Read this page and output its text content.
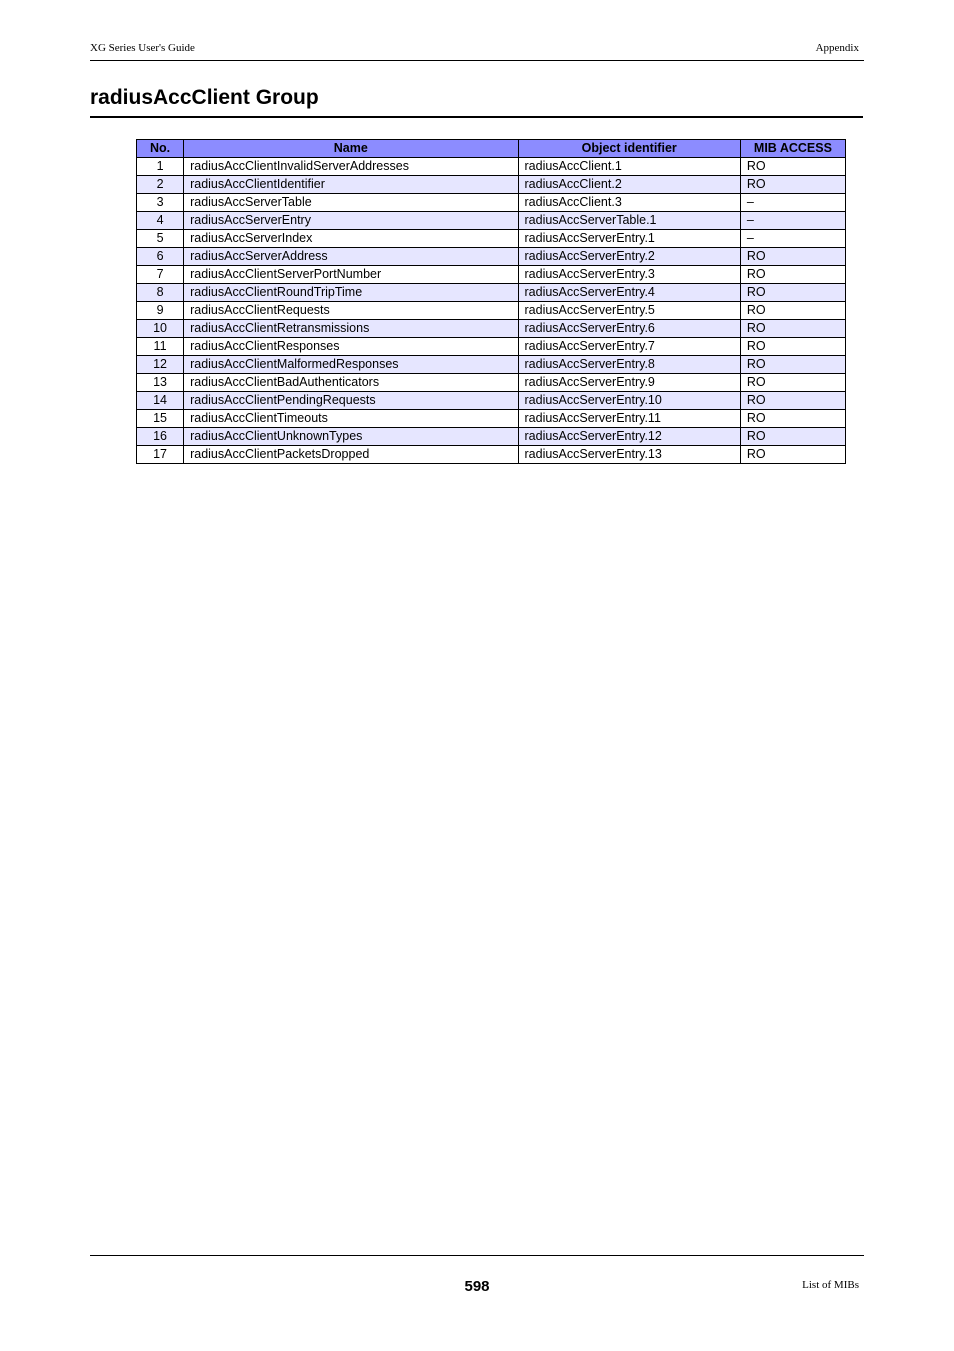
XG Series User's Guide	Appendix
radiusAccClient Group
No.	Name	Object identifier	MIB ACCESS
1	radiusAccClientInvalidServerAddresses	radiusAccClient.1	RO
2	radiusAccClientIdentifier	radiusAccClient.2	RO
3	radiusAccServerTable	radiusAccClient.3	–
4	radiusAccServerEntry	radiusAccServerTable.1	–
5	radiusAccServerIndex	radiusAccServerEntry.1	–
6	radiusAccServerAddress	radiusAccServerEntry.2	RO
7	radiusAccClientServerPortNumber	radiusAccServerEntry.3	RO
8	radiusAccClientRoundTripTime	radiusAccServerEntry.4	RO
9	radiusAccClientRequests	radiusAccServerEntry.5	RO
10	radiusAccClientRetransmissions	radiusAccServerEntry.6	RO
11	radiusAccClientResponses	radiusAccServerEntry.7	RO
12	radiusAccClientMalformedResponses	radiusAccServerEntry.8	RO
13	radiusAccClientBadAuthenticators	radiusAccServerEntry.9	RO
14	radiusAccClientPendingRequests	radiusAccServerEntry.10	RO
15	radiusAccClientTimeouts	radiusAccServerEntry.11	RO
16	radiusAccClientUnknownTypes	radiusAccServerEntry.12	RO
17	radiusAccClientPacketsDropped	radiusAccServerEntry.13	RO
598	List of MIBs
